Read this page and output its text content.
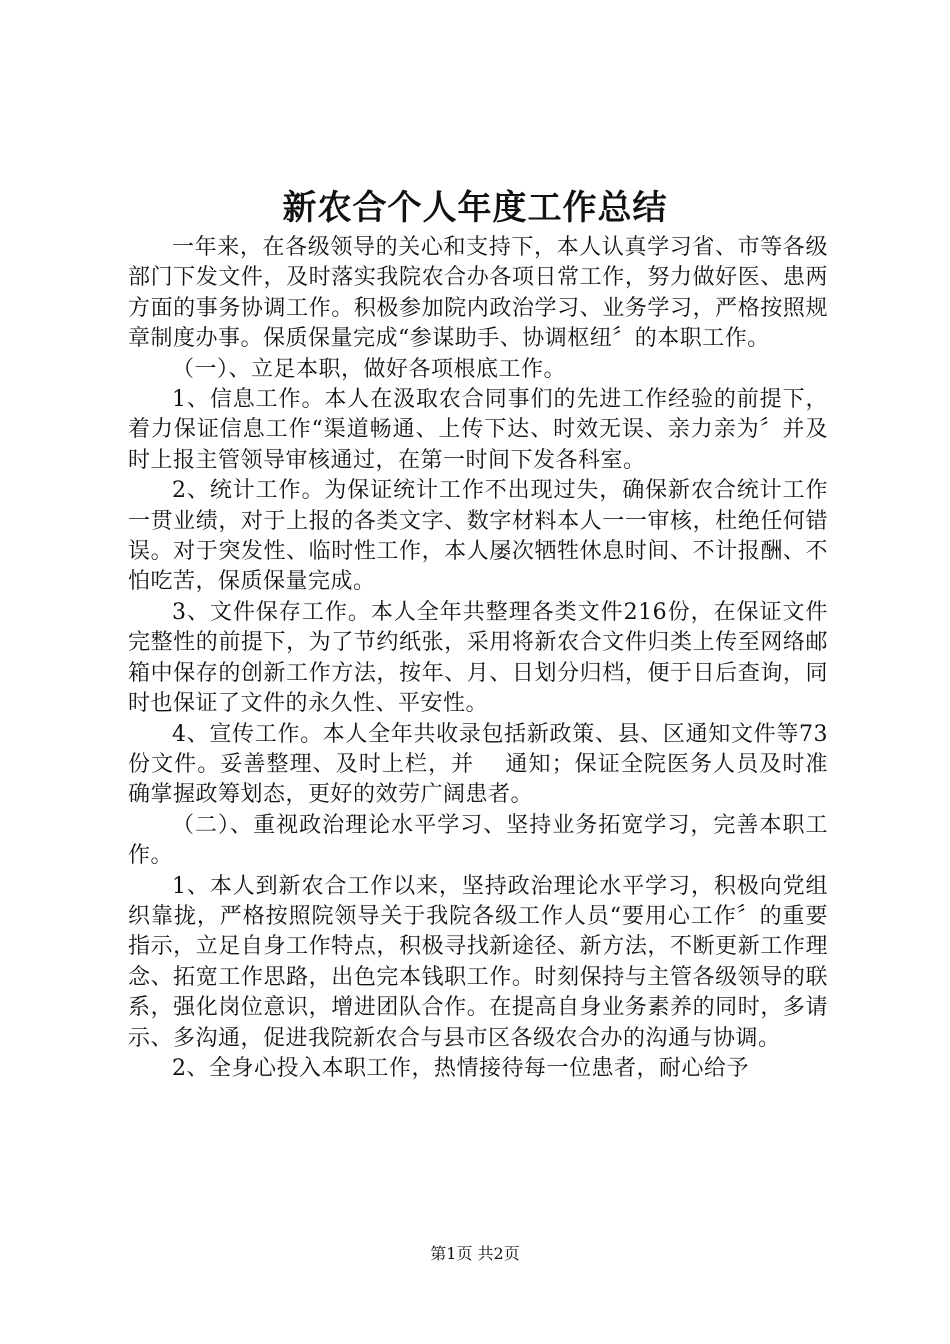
新农合个人年度工作总结

一年来，在各级领导的关心和支持下，本人认真学习省、市等各级部门下发文件，及时落实我院农合办各项日常工作，努力做好医、患两方面的事务协调工作。积极参加院内政治学习、业务学习，严格按照规章制度办事。保质保量完成“参谋助手、协调枢纽〞的本职工作。

（一）、立足本职，做好各项根底工作。

1、信息工作。本人在汲取农合同事们的先进工作经验的前提下，着力保证信息工作“渠道畅通、上传下达、时效无误、亲力亲为〞并及时上报主管领导审核通过，在第一时间下发各科室。

2、统计工作。为保证统计工作不出现过失，确保新农合统计工作一贯业绩，对于上报的各类文字、数字材料本人一一审核，杜绝任何错误。对于突发性、临时性工作，本人屡次牺牲休息时间、不计报酬、不怕吃苦，保质保量完成。

3、文件保存工作。本人全年共整理各类文件216份，在保证文件完整性的前提下，为了节约纸张，采用将新农合文件归类上传至网络邮箱中保存的创新工作方法，按年、月、日划分归档，便于日后查询，同时也保证了文件的永久性、平安性。

4、宣传工作。本人全年共收录包括新政策、县、区通知文件等73份文件。妥善整理、及时上栏，并　 通知；保证全院医务人员及时准确掌握政筹划态，更好的效劳广阔患者。

（二）、重视政治理论水平学习、坚持业务拓宽学习，完善本职工作。

1、本人到新农合工作以来，坚持政治理论水平学习，积极向党组织靠拢，严格按照院领导关于我院各级工作人员“要用心工作〞的重要指示，立足自身工作特点，积极寻找新途径、新方法，不断更新工作理念、拓宽工作思路，出色完本钱职工作。时刻保持与主管各级领导的联系，强化岗位意识，增进团队合作。在提高自身业务素养的同时，多请示、多沟通，促进我院新农合与县市区各级农合办的沟通与协调。

2、全身心投入本职工作，热情接待每一位患者，耐心给予

第1页 共2页
